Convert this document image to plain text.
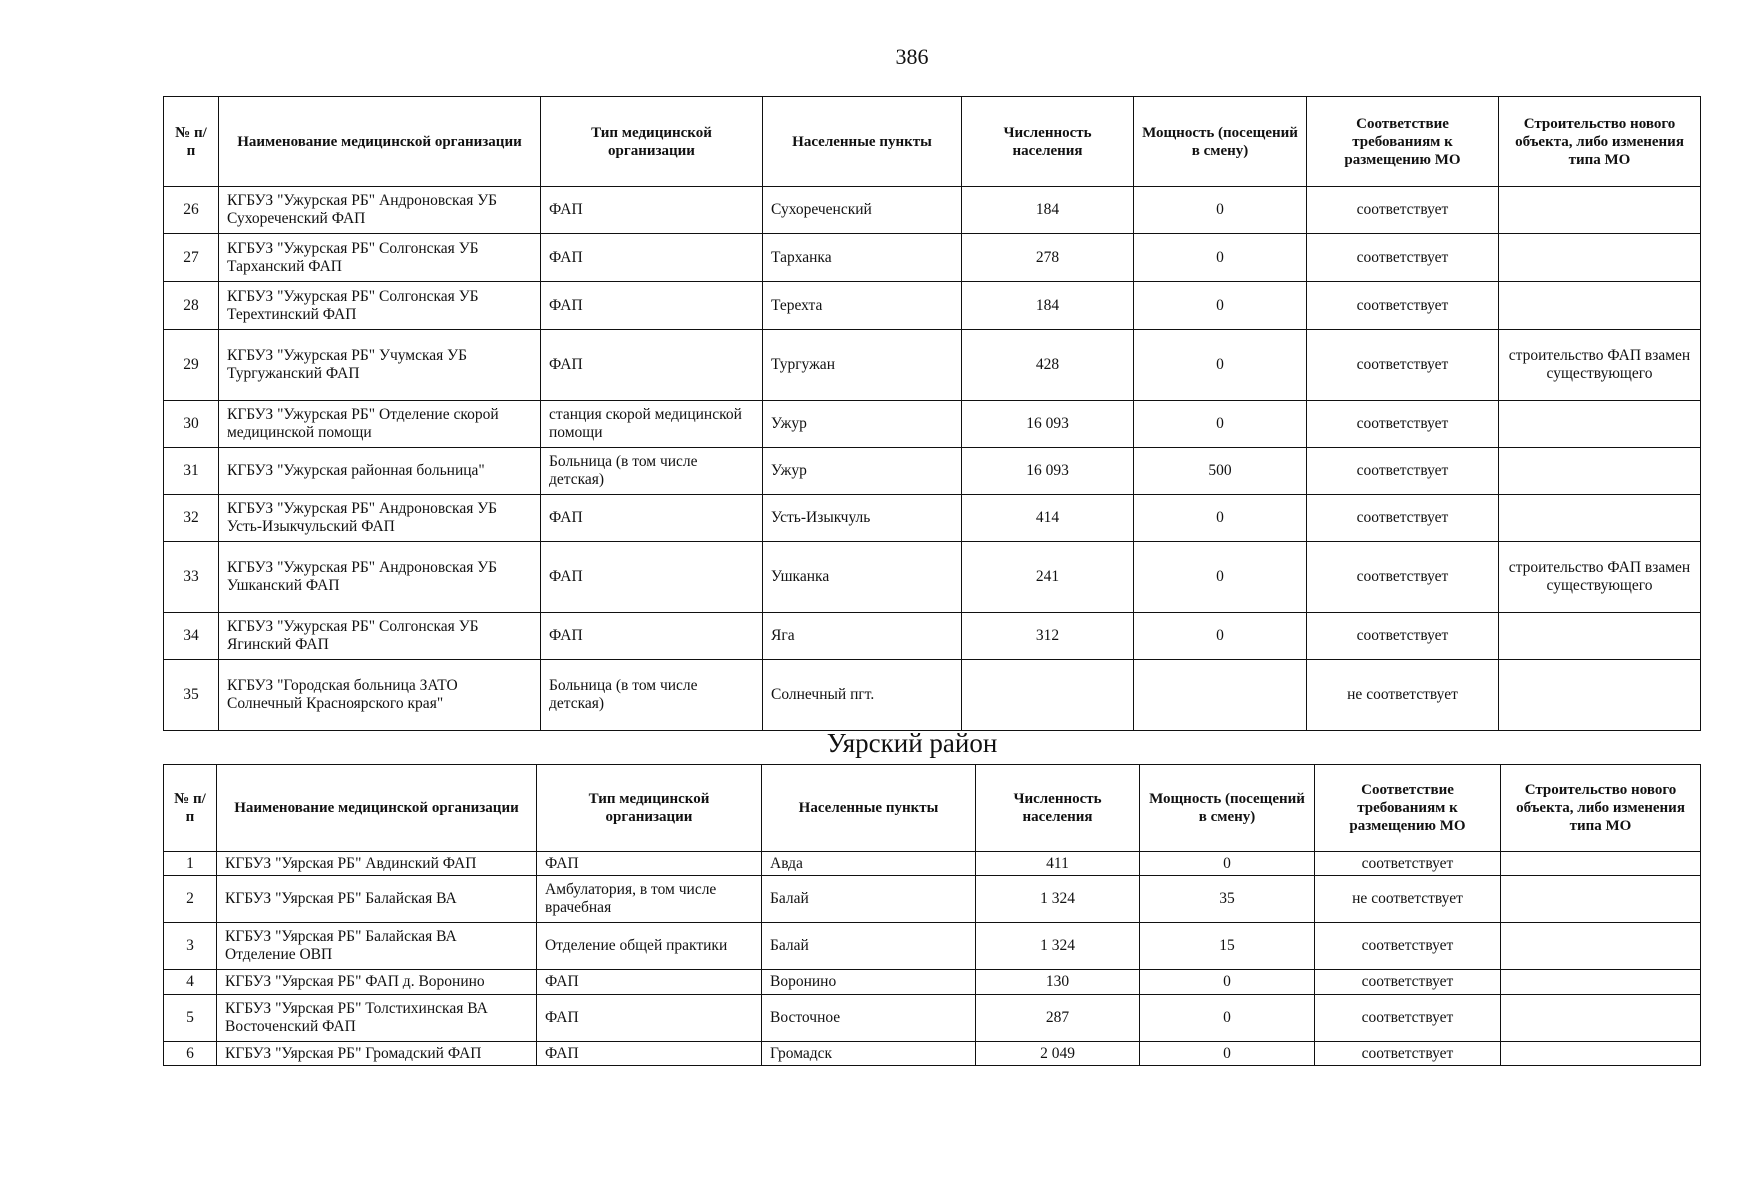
386
№ п/п	Наименование медицинской организации	Тип медицинской организации	Населенные пункты	Численность населения	Мощность (посещений в смену)	Соответствие требованиям к размещению МО	Строительство нового объекта, либо изменения типа МО
26	КГБУЗ "Ужурская РБ" Андроновская УБ Сухореченский ФАП	ФАП	Сухореченский	184	0	соответствует	
27	КГБУЗ "Ужурская РБ" Солгонская УБ Тарханский ФАП	ФАП	Тарханка	278	0	соответствует	
28	КГБУЗ "Ужурская РБ" Солгонская УБ Терехтинский ФАП	ФАП	Терехта	184	0	соответствует	
29	КГБУЗ "Ужурская РБ" Учумская УБ Тургужанский ФАП	ФАП	Тургужан	428	0	соответствует	строительство ФАП взамен существующего
30	КГБУЗ "Ужурская РБ" Отделение скорой медицинской помощи	станция скорой медицинской помощи	Ужур	16 093	0	соответствует	
31	КГБУЗ "Ужурская районная больница"	Больница (в том числе детская)	Ужур	16 093	500	соответствует	
32	КГБУЗ "Ужурская РБ" Андроновская УБ Усть-Изыкчульский ФАП	ФАП	Усть-Изыкчуль	414	0	соответствует	
33	КГБУЗ "Ужурская РБ" Андроновская УБ Ушканский ФАП	ФАП	Ушканка	241	0	соответствует	строительство ФАП взамен существующего
34	КГБУЗ "Ужурская РБ" Солгонская УБ Ягинский ФАП	ФАП	Яга	312	0	соответствует	
35	КГБУЗ "Городская больница ЗАТО Солнечный Красноярского края"	Больница (в том числе детская)	Солнечный пгт.			не соответствует	
Уярский район
№ п/п	Наименование медицинской организации	Тип медицинской организации	Населенные пункты	Численность населения	Мощность (посещений в смену)	Соответствие требованиям к размещению МО	Строительство нового объекта, либо изменения типа МО
1	КГБУЗ "Уярская РБ" Авдинский ФАП	ФАП	Авда	411	0	соответствует	
2	КГБУЗ "Уярская РБ" Балайская ВА	Амбулатория, в том числе врачебная	Балай	1 324	35	не соответствует	
3	КГБУЗ "Уярская РБ" Балайская ВА Отделение ОВП	Отделение общей практики	Балай	1 324	15	соответствует	
4	КГБУЗ "Уярская РБ" ФАП д. Воронино	ФАП	Воронино	130	0	соответствует	
5	КГБУЗ "Уярская РБ" Толстихинская ВА Восточенский ФАП	ФАП	Восточное	287	0	соответствует	
6	КГБУЗ "Уярская РБ" Громадский ФАП	ФАП	Громадск	2 049	0	соответствует	
